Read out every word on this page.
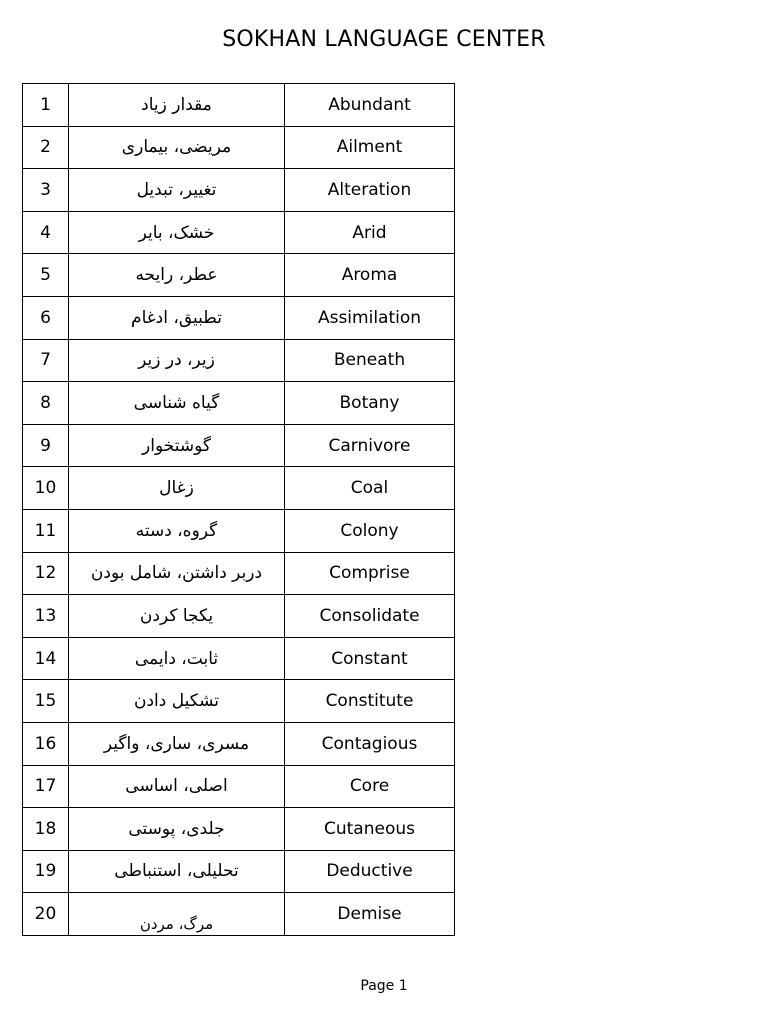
SOKHAN LANGUAGE CENTER
1	مقدار زیاد	Abundant
2	مریضی، بیماری	Ailment
3	تغییر، تبدیل	Alteration
4	خشک، بایر	Arid
5	عطر، رایحه	Aroma
6	تطبیق، ادغام	Assimilation
7	زیر، در زیر	Beneath
8	گیاه شناسی	Botany
9	گوشتخوار	Carnivore
10	زغال	Coal
11	گروه، دسته	Colony
12	دربر داشتن، شامل بودن	Comprise
13	یکجا کردن	Consolidate
14	ثابت، دایمی	Constant
15	تشکیل دادن	Constitute
16	مسری، ساری، واگیر	Contagious
17	اصلی، اساسی	Core
18	جلدی، پوستی	Cutaneous
19	تحلیلی، استنباطی	Deductive
20	مرگ، مردن	Demise
Page 1
